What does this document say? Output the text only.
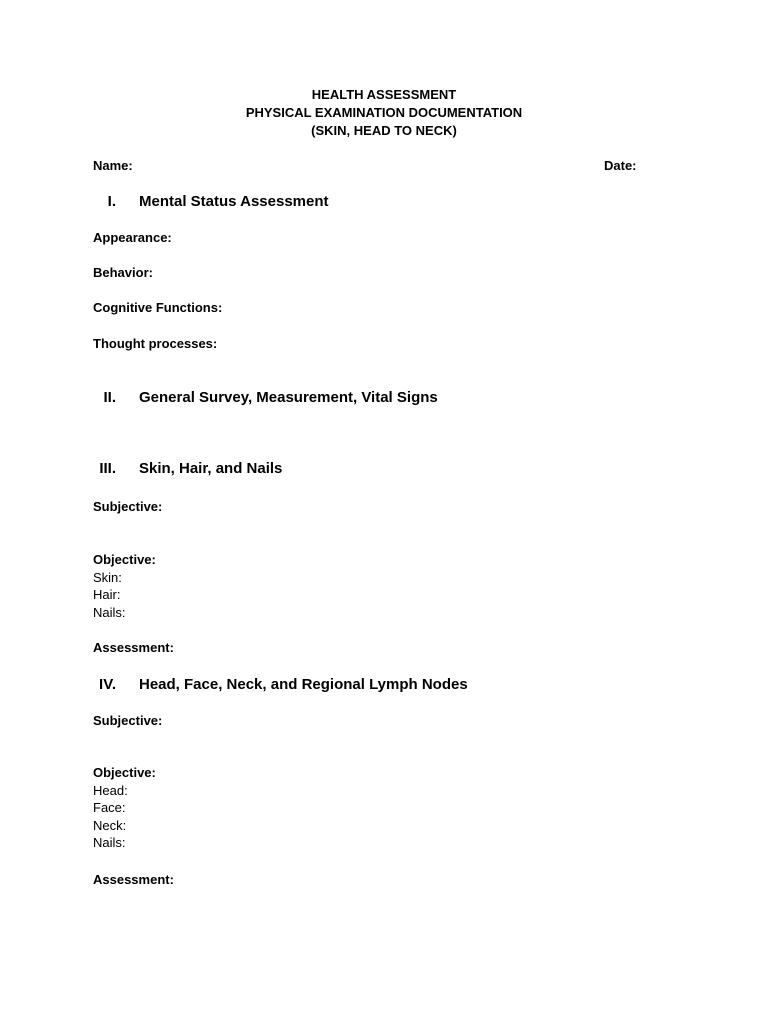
HEALTH ASSESSMENT
PHYSICAL EXAMINATION DOCUMENTATION
(SKIN, HEAD TO NECK)
Name:	Date:
I. Mental Status Assessment
Appearance:
Behavior:
Cognitive Functions:
Thought processes:
II. General Survey, Measurement, Vital Signs
III. Skin, Hair, and Nails
Subjective:
Objective:
Skin:
Hair:
Nails:
Assessment:
IV. Head, Face, Neck, and Regional Lymph Nodes
Subjective:
Objective:
Head:
Face:
Neck:
Nails:
Assessment:
